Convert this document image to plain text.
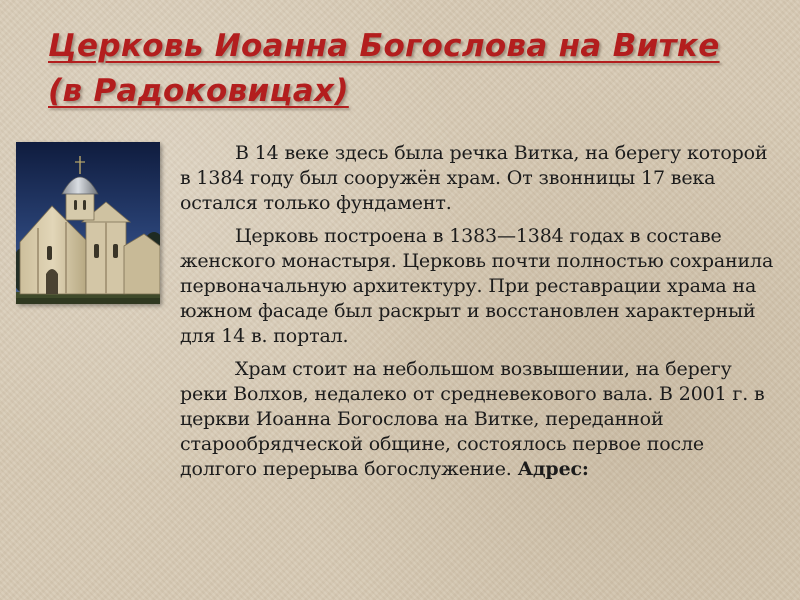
Церковь Иоанна Богослова на Витке (в Радоковицах)

В 14 веке здесь была речка Витка, на берегу которой в 1384 году был сооружён храм. От звонницы 17 века остался только фундамент.

Церковь построена в 1383—1384 годах в составе женского монастыря. Церковь почти полностью сохранила первоначальную архитектуру. При реставрации храма на южном фасаде был раскрыт и восстановлен характерный для 14 в. портал.

Храм стоит на небольшом возвышении, на берегу реки Волхов, недалеко от средневекового вала. В 2001 г. в церкви Иоанна Богослова на Витке, переданной старообрядческой общине, состоялось первое после долгого перерыва богослужение. Адрес:
